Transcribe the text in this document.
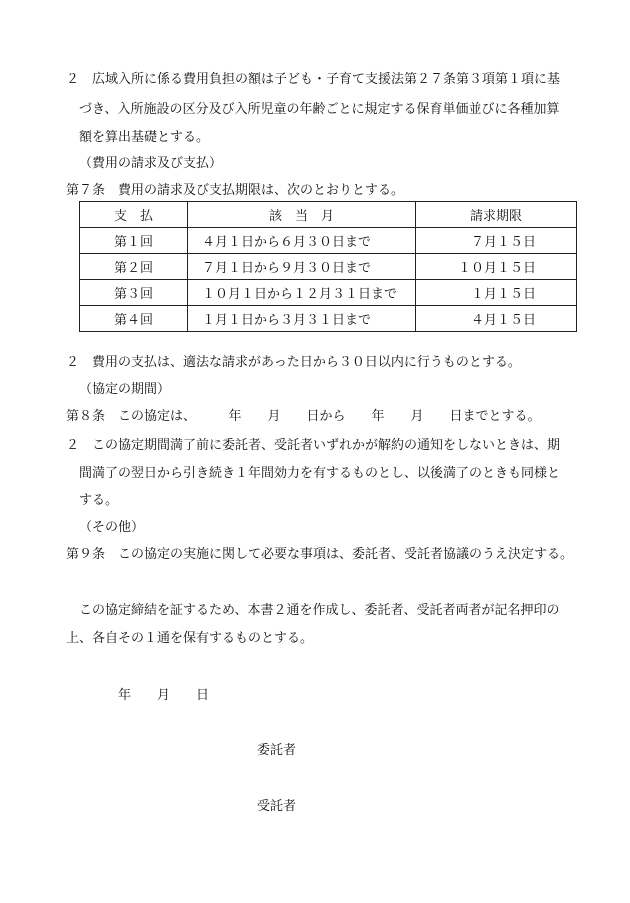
２　広域入所に係る費用負担の額は子ども・子育て支援法第２７条第３項第１項に基
づき、入所施設の区分及び入所児童の年齢ごとに規定する保育単価並びに各種加算
額を算出基礎とする。
（費用の請求及び支払）
第７条　費用の請求及び支払期限は、次のとおりとする。
支　払	該　当　月	請求期限
第１回	４月１日から６月３０日まで	７月１５日
第２回	７月１日から９月３０日まで	１０月１５日
第３回	１０月１日から１２月３１日まで	１月１５日
第４回	１月１日から３月３１日まで	４月１５日
２　費用の支払は、適法な請求があった日から３０日以内に行うものとする。
（協定の期間）
第８条　この協定は、　　　年　　月　　日から　　年　　月　　日までとする。
２　この協定期間満了前に委託者、受託者いずれかが解約の通知をしないときは、期
間満了の翌日から引き続き１年間効力を有するものとし、以後満了のときも同様と
する。
（その他）
第９条　この協定の実施に関して必要な事項は、委託者、受託者協議のうえ決定する。
この協定締結を証するため、本書２通を作成し、委託者、受託者両者が記名押印の
上、各自その１通を保有するものとする。
年　　月　　日
委託者
受託者
